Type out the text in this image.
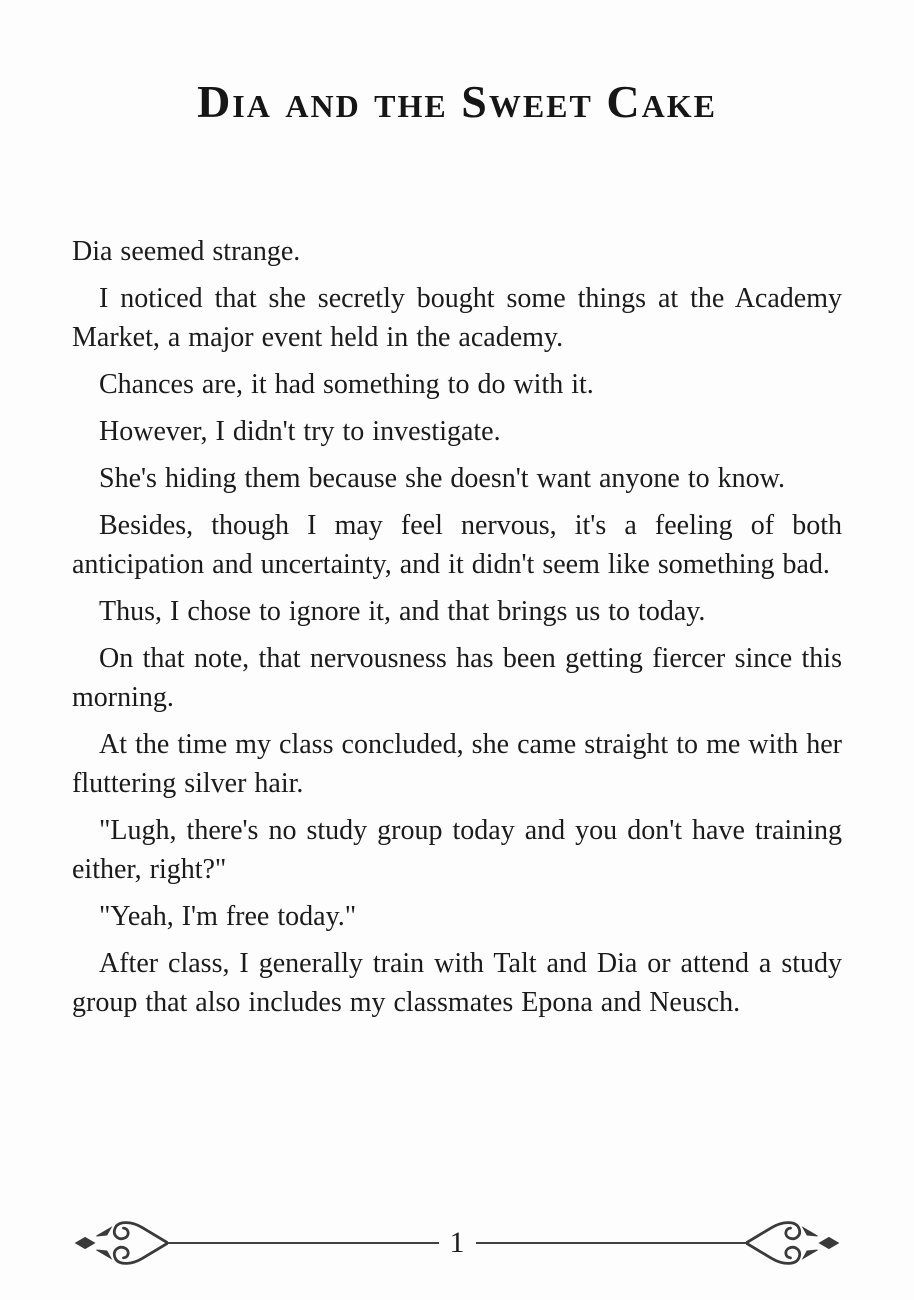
Dia and the Sweet Cake

Dia seemed strange.

I noticed that she secretly bought some things at the Academy Market, a major event held in the academy.

Chances are, it had something to do with it.

However, I didn't try to investigate.

She's hiding them because she doesn't want anyone to know.

Besides, though I may feel nervous, it's a feeling of both anticipation and uncertainty, and it didn't seem like something bad.

Thus, I chose to ignore it, and that brings us to today.

On that note, that nervousness has been getting fiercer since this morning.

At the time my class concluded, she came straight to me with her fluttering silver hair.

"Lugh, there's no study group today and you don't have training either, right?"

"Yeah, I'm free today."

After class, I generally train with Talt and Dia or attend a study group that also includes my classmates Epona and Neusch.

1
